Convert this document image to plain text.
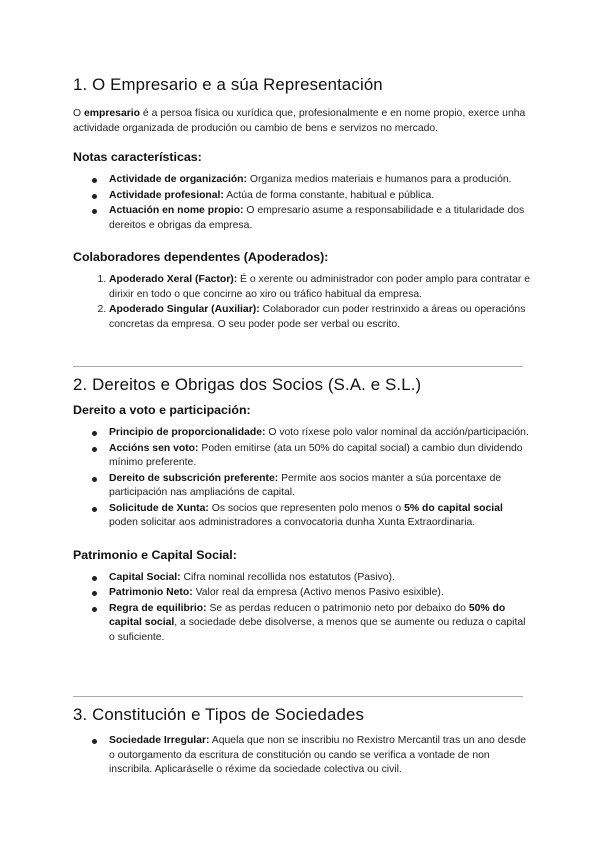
1. O Empresario e a súa Representación

O empresario é a persoa física ou xurídica que, profesionalmente e en nome propio, exerce unha actividade organizada de produción ou cambio de bens e servizos no mercado.

Notas características:
Actividade de organización: Organiza medios materiais e humanos para a produción.
Actividade profesional: Actúa de forma constante, habitual e pública.
Actuación en nome propio: O empresario asume a responsabilidade e a titularidade dos dereitos e obrigas da empresa.
Colaboradores dependentes (Apoderados):
1. Apoderado Xeral (Factor): É o xerente ou administrador con poder amplo para contratar e dirixir en todo o que concirne ao xiro ou tráfico habitual da empresa.
2. Apoderado Singular (Auxiliar): Colaborador cun poder restrinxido a áreas ou operacións concretas da empresa. O seu poder pode ser verbal ou escrito.
2. Dereitos e Obrigas dos Socios (S.A. e S.L.)
Dereito a voto e participación:
Principio de proporcionalidade: O voto ríxese polo valor nominal da acción/participación.
Accións sen voto: Poden emitirse (ata un 50% do capital social) a cambio dun dividendo mínimo preferente.
Dereito de subscrición preferente: Permite aos socios manter a súa porcentaxe de participación nas ampliacións de capital.
Solicitude de Xunta: Os socios que representen polo menos o 5% do capital social poden solicitar aos administradores a convocatoria dunha Xunta Extraordinaria.
Patrimonio e Capital Social:
Capital Social: Cifra nominal recollida nos estatutos (Pasivo).
Patrimonio Neto: Valor real da empresa (Activo menos Pasivo esixible).
Regra de equilibrio: Se as perdas reducen o patrimonio neto por debaixo do 50% do capital social, a sociedade debe disolverse, a menos que se aumente ou reduza o capital o suficiente.
3. Constitución e Tipos de Sociedades
Sociedade Irregular: Aquela que non se inscribiu no Rexistro Mercantil tras un ano desde o outorgamento da escritura de constitución ou cando se verifica a vontade de non inscribila. Aplicaráselle o réxime da sociedade colectiva ou civil.
